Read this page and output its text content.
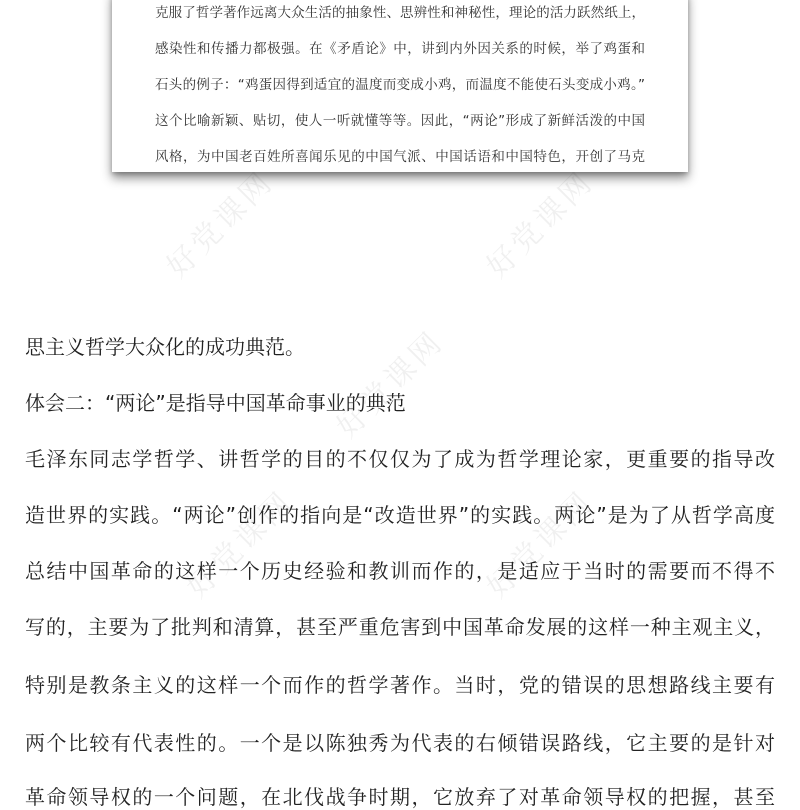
好党课网	好党课网
好党课网
好党课网	好党课网
克服了哲学著作远离大众生活的抽象性、思辨性和神秘性，理论的活力跃然纸上，
感染性和传播力都极强。在《矛盾论》中，讲到内外因关系的时候，举了鸡蛋和
石头的例子：“鸡蛋因得到适宜的温度而变成小鸡，而温度不能使石头变成小鸡。”
这个比喻新颖、贴切，使人一听就懂等等。因此，“两论”形成了新鲜活泼的中国
风格，为中国老百姓所喜闻乐见的中国气派、中国话语和中国特色，开创了马克
思主义哲学大众化的成功典范。
体会二：“两论”是指导中国革命事业的典范
毛泽东同志学哲学、讲哲学的目的不仅仅为了成为哲学理论家，更重要的指导改
造世界的实践。“两论”创作的指向是“改造世界”的实践。两论”是为了从哲学高度
总结中国革命的这样一个历史经验和教训而作的，是适应于当时的需要而不得不
写的，主要为了批判和清算，甚至严重危害到中国革命发展的这样一种主观主义，
特别是教条主义的这样一个而作的哲学著作。当时，党的错误的思想路线主要有
两个比较有代表性的。一个是以陈独秀为代表的右倾错误路线，它主要的是针对
革命领导权的一个问题，在北伐战争时期，它放弃了对革命领导权的把握，甚至
